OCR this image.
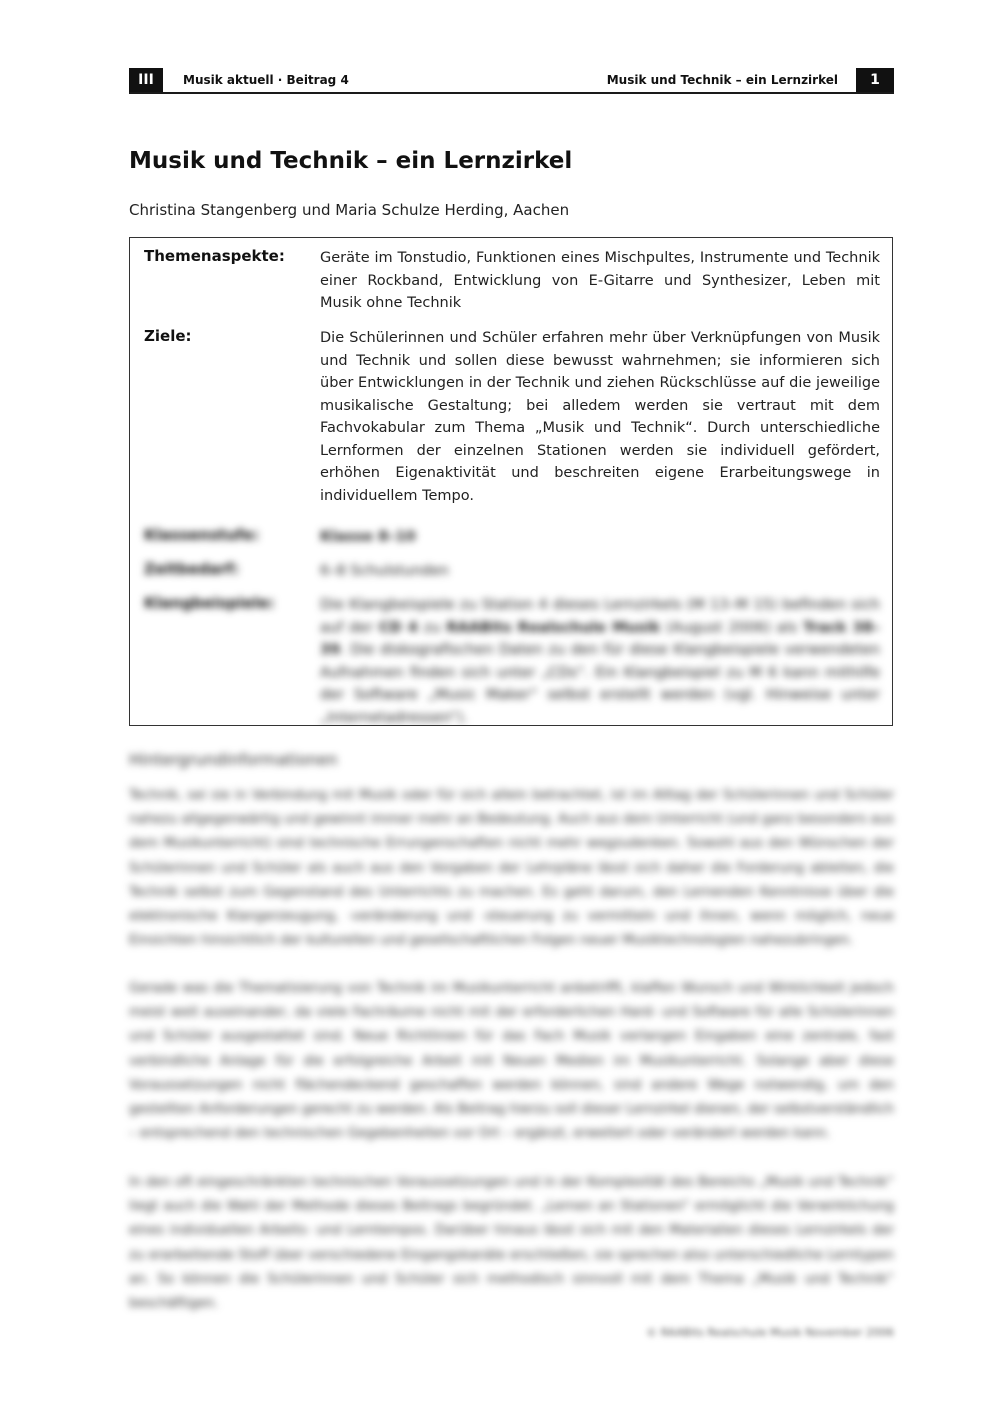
III	Musik aktuell · Beitrag 4	Musik und Technik – ein Lernzirkel	1
Musik und Technik – ein Lernzirkel
Christina Stangenberg und Maria Schulze Herding, Aachen
Themenaspekte: Geräte im Tonstudio, Funktionen eines Mischpultes, Instrumente und Technik einer Rockband, Entwicklung von E-Gitarre und Synthesizer, Leben mit Musik ohne Technik
Ziele:	Die Schülerinnen und Schüler erfahren mehr über Verknüpfungen von Musik und Technik und sollen diese bewusst wahrnehmen; sie informieren sich über Entwicklungen in der Technik und ziehen Rückschlüsse auf die jeweilige musikalische Gestaltung; bei alledem werden sie vertraut mit dem Fachvokabular zum Thema „Musik und Technik“. Durch unterschiedliche Lernformen der einzelnen Stationen werden sie individuell gefördert, erhöhen Eigenaktivität und beschreiten eigene Erarbeitungswege in individuellem Tempo.
Klassenstufe:	Klasse 8–10
Zeitbedarf:	6–8 Schulstunden
Klangbeispiele:	Die Klangbeispiele zu Station 4 dieses Lernzirkels (M 13–M 15) befinden sich auf der CD 4 zu RAABits Realschule Musik (August 2006) als Track 38–39. Die diskografischen Daten zu den für diese Klangbeispiele verwendeten Aufnahmen finden sich unter „CDs“. Ein Klangbeispiel zu M 6 kann mithilfe der Software „Music Maker“ selbst erstellt werden (vgl. Hinweise unter „Internetadressen“).
Hintergrundinformationen
Technik, sei sie in Verbindung mit Musik oder für sich allein betrachtet, ist im Alltag der Schülerinnen und Schüler nahezu allgegenwärtig und gewinnt immer mehr an Bedeutung. Auch aus dem Unterricht (und ganz besonders aus dem Musikunterricht) sind technische Errungenschaften nicht mehr wegzudenken. Sowohl aus den Wünschen der Schülerinnen und Schüler als auch aus den Vorgaben der Lehrpläne lässt sich daher die Forderung ableiten, die Technik selbst zum Gegenstand des Unterrichts zu machen. Es geht darum, den Lernenden Kenntnisse über die elektronische Klangerzeugung, -veränderung und -steuerung zu vermitteln und ihnen, wenn möglich, neue Einsichten hinsichtlich der kulturellen und gesellschaftlichen Folgen neuer Musiktechnologien nahezubringen.
Gerade was die Thematisierung von Technik im Musikunterricht anbetrifft, klaffen Wunsch und Wirklichkeit jedoch meist weit auseinander, da viele Fachräume nicht mit der erforderlichen Hard- und Software für alle Schülerinnen und Schüler ausgestattet sind. Neue Richtlinien für das Fach Musik verlangen Eingaben eine zentrale, fast verbindliche Anlage für die erfolgreiche Arbeit mit Neuen Medien im Musikunterricht. Solange aber diese Voraussetzungen nicht flächendeckend geschaffen werden können, sind andere Wege notwendig, um den gestellten Anforderungen gerecht zu werden. Als Beitrag hierzu soll dieser Lernzirkel dienen, der selbstverständlich – entsprechend den technischen Gegebenheiten vor Ort – ergänzt, erweitert oder verändert werden kann.
In den oft eingeschränkten technischen Voraussetzungen und in der Komplexität des Bereichs „Musik und Technik“ liegt auch die Wahl der Methode dieses Beitrags begründet. „Lernen an Stationen“ ermöglicht die Verwirklichung eines individuellen Arbeits- und Lerntempos. Darüber hinaus lässt sich mit den Materialien dieses Lernzirkels der zu erarbeitende Stoff über verschiedene Eingangskanäle erschließen, sie sprechen also unterschiedliche Lerntypen an. So können die Schülerinnen und Schüler sich methodisch sinnvoll mit dem Thema „Musik und Technik“ beschäftigen.
© RAABits Realschule Musik November 2006
